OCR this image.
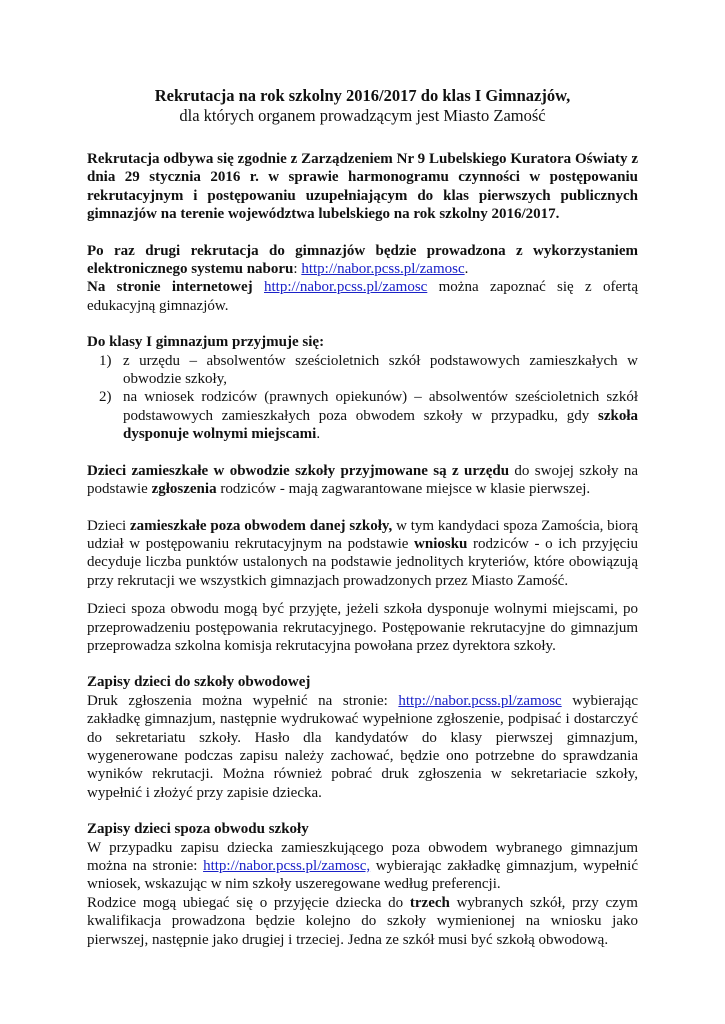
Rekrutacja na rok szkolny 2016/2017 do klas I Gimnazjów,
dla których organem prowadzącym jest Miasto Zamość

Rekrutacja odbywa się zgodnie z Zarządzeniem Nr 9 Lubelskiego Kuratora Oświaty z dnia 29 stycznia 2016 r. w sprawie harmonogramu czynności w postępowaniu rekrutacyjnym i postępowaniu uzupełniającym do klas pierwszych publicznych gimnazjów na terenie województwa lubelskiego na rok szkolny 2016/2017.

Po raz drugi rekrutacja do gimnazjów będzie prowadzona z wykorzystaniem elektronicznego systemu naboru: http://nabor.pcss.pl/zamosc.

Na stronie internetowej http://nabor.pcss.pl/zamosc można zapoznać się z ofertą edukacyjną gimnazjów.

Do klasy I gimnazjum przyjmuje się:

1) z urzędu – absolwentów sześcioletnich szkół podstawowych zamieszkałych w obwodzie szkoły,
2) na wniosek rodziców (prawnych opiekunów) – absolwentów sześcioletnich szkół podstawowych zamieszkałych poza obwodem szkoły w przypadku, gdy szkoła dysponuje wolnymi miejscami.

Dzieci zamieszkałe w obwodzie szkoły przyjmowane są z urzędu do swojej szkoły na podstawie zgłoszenia rodziców - mają zagwarantowane miejsce w klasie pierwszej.

Dzieci zamieszkałe poza obwodem danej szkoły, w tym kandydaci spoza Zamościa, biorą udział w postępowaniu rekrutacyjnym na podstawie wniosku rodziców - o ich przyjęciu decyduje liczba punktów ustalonych na podstawie jednolitych kryteriów, które obowiązują przy rekrutacji we wszystkich gimnazjach prowadzonych przez Miasto Zamość.

Dzieci spoza obwodu mogą być przyjęte, jeżeli szkoła dysponuje wolnymi miejscami, po przeprowadzeniu postępowania rekrutacyjnego. Postępowanie rekrutacyjne do gimnazjum przeprowadza szkolna komisja rekrutacyjna powołana przez dyrektora szkoły.

Zapisy dzieci do szkoły obwodowej

Druk zgłoszenia można wypełnić na stronie: http://nabor.pcss.pl/zamosc wybierając zakładkę gimnazjum, następnie wydrukować wypełnione zgłoszenie, podpisać i dostarczyć do sekretariatu szkoły. Hasło dla kandydatów do klasy pierwszej gimnazjum, wygenerowane podczas zapisu należy zachować, będzie ono potrzebne do sprawdzania wyników rekrutacji. Można również pobrać druk zgłoszenia w sekretariacie szkoły, wypełnić i złożyć przy zapisie dziecka.

Zapisy dzieci spoza obwodu szkoły

W przypadku zapisu dziecka zamieszkującego poza obwodem wybranego gimnazjum można na stronie: http://nabor.pcss.pl/zamosc, wybierając zakładkę gimnazjum, wypełnić wniosek, wskazując w nim szkoły uszeregowane według preferencji.

Rodzice mogą ubiegać się o przyjęcie dziecka do trzech wybranych szkół, przy czym kwalifikacja prowadzona będzie kolejno do szkoły wymienionej na wniosku jako pierwszej, następnie jako drugiej i trzeciej. Jedna ze szkół musi być szkołą obwodową.
